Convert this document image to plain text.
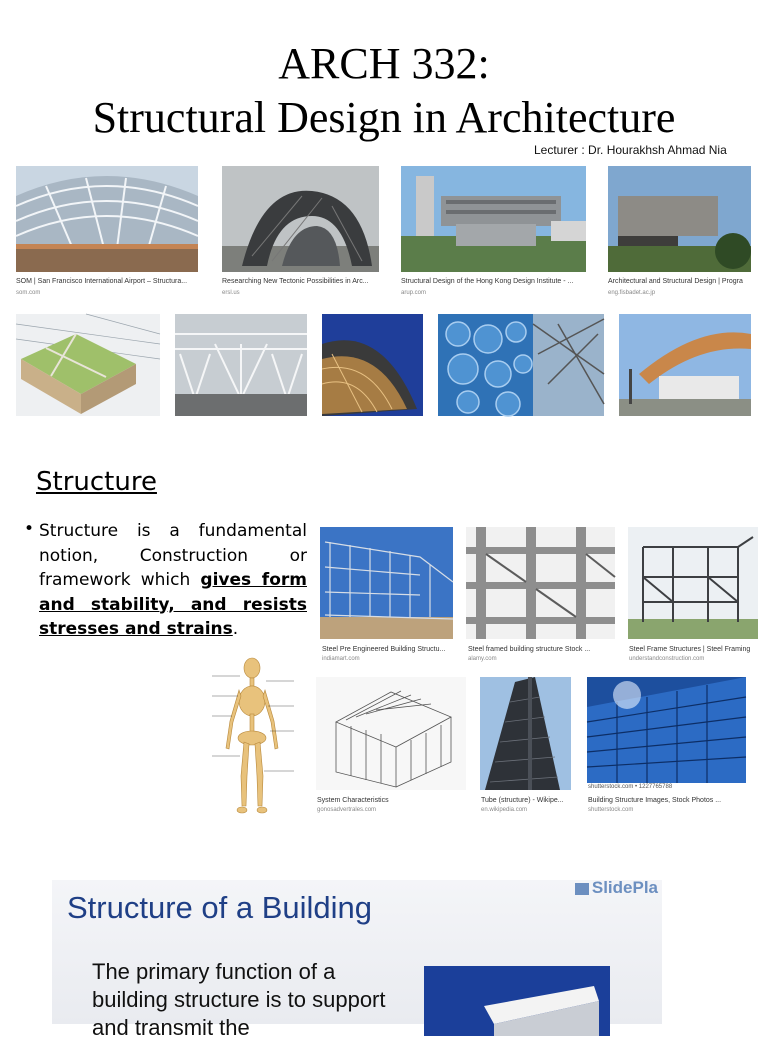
ARCH 332:
Structural Design in Architecture
Lecturer : Dr. Hourakhsh Ahmad Nia
SOM | San Francisco International Airport – Structura...
som.com
Researching New Tectonic Possibilities in Arc...
ersl.us
Structural Design of the Hong Kong Design Institute - ...
arup.com
Architectural and Structural Design | Progra
eng.fisbadet.ac.jp
Structure
• Structure is a fundamental notion, Construction or framework which gives form and stability, and resists stresses and strains.
Steel Pre Engineered Building Structu...
indiamart.com
Steel framed building structure Stock ...
alamy.com
Steel Frame Structures | Steel Framing
understandconstruction.com
shutterstock.com • 1227765788
System Characteristics
gonosadvertrales.com
Tube (structure) - Wikipe...
en.wikipedia.com
Building Structure Images, Stock Photos ...
shutterstock.com
SlidePla
Structure of a Building
The primary function of a building structure is to support and transmit the
